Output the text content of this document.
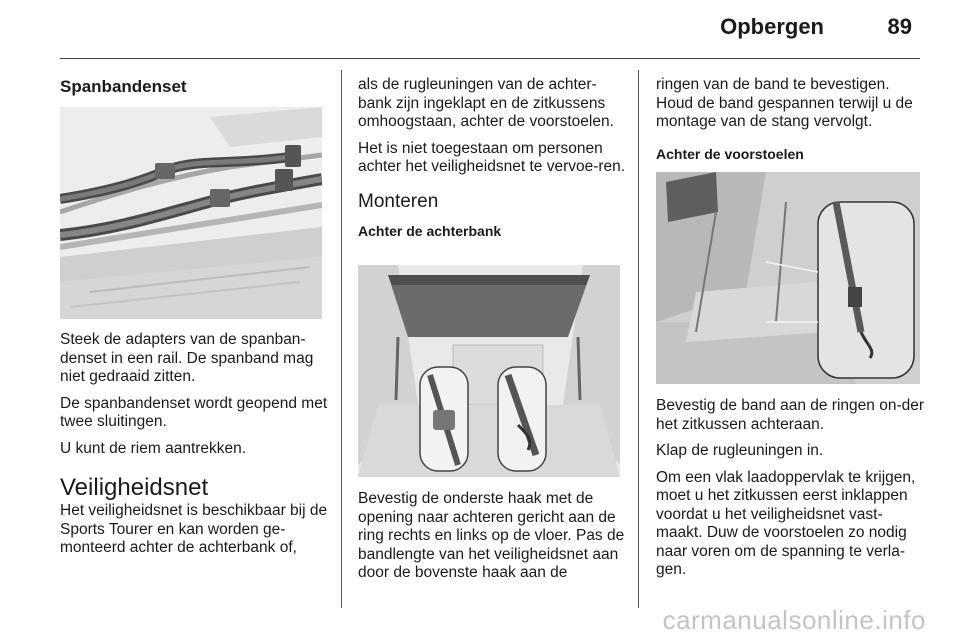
Opbergen	89
Spanbandenset

Steek de adapters van de spanban-denset in een rail. De spanband mag niet gedraaid zitten.

De spanbandenset wordt geopend met twee sluitingen.

U kunt de riem aantrekken.

Veiligheidsnet

Het veiligheidsnet is beschikbaar bij de Sports Tourer en kan worden ge-monteerd achter de achterbank of,

als de rugleuningen van de achter-bank zijn ingeklapt en de zitkussens omhoogstaan, achter de voorstoelen.

Het is niet toegestaan om personen achter het veiligheidsnet te vervoe-ren.

Monteren
Achter de achterbank

Bevestig de onderste haak met de opening naar achteren gericht aan de ring rechts en links op de vloer. Pas de bandlengte van het veiligheidsnet aan door de bovenste haak aan de

ringen van de band te bevestigen. Houd de band gespannen terwijl u de montage van de stang vervolgt.

Achter de voorstoelen

Bevestig de band aan de ringen on-der het zitkussen achteraan.

Klap de rugleuningen in.

Om een vlak laadoppervlak te krijgen, moet u het zitkussen eerst inklappen voordat u het veiligheidsnet vast-maakt. Duw de voorstoelen zo nodig naar voren om de spanning te verla-gen.

carmanualsonline.info
